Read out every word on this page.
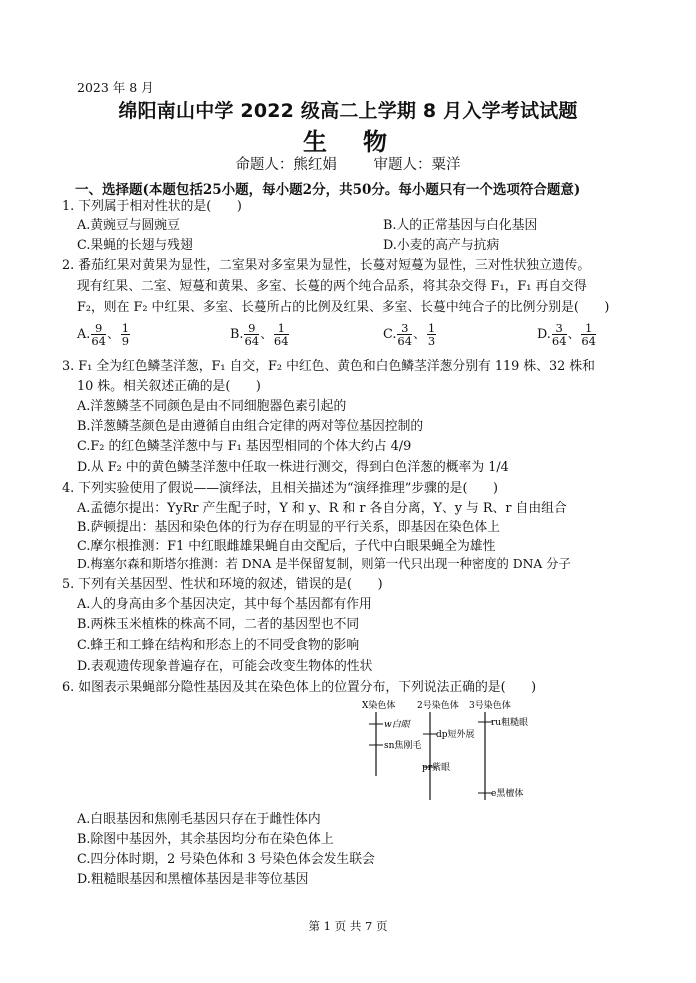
2023 年 8 月
绵阳南山中学 2022 级高二上学期 8 月入学考试试题
生　物
命题人：熊红娟	审题人：粟洋
一、选择题(本题包括25小题，每小题2分，共50分。每小题只有一个选项符合题意)
1. 下列属于相对性状的是(　　)
A.黄豌豆与圆豌豆	B.人的正常基因与白化基因
C.果蝇的长翅与残翅	D.小麦的高产与抗病
2. 番茄红果对黄果为显性，二室果对多室果为显性，长蔓对短蔓为显性，三对性状独立遗传。
现有红果、二室、短蔓和黄果、多室、长蔓的两个纯合品系，将其杂交得 F₁，F₁ 再自交得
F₂，则在 F₂ 中红果、多室、长蔓所占的比例及红果、多室、长蔓中纯合子的比例分别是(　　)
A. $\frac{9}{64}$ 、 $\frac{1}{9}$	B. $\frac{9}{64}$ 、 $\frac{1}{64}$	C. $\frac{3}{64}$ 、 $\frac{1}{3}$	D. $\frac{3}{64}$ 、 $\frac{1}{64}$
3. F₁ 全为红色鳞茎洋葱，F₁ 自交，F₂ 中红色、黄色和白色鳞茎洋葱分别有 119 株、32 株和
10 株。相关叙述正确的是(　　)
A.洋葱鳞茎不同颜色是由不同细胞器色素引起的
B.洋葱鳞茎颜色是由遵循自由组合定律的两对等位基因控制的
C.F₂ 的红色鳞茎洋葱中与 F₁ 基因型相同的个体大约占 4/9
D.从 F₂ 中的黄色鳞茎洋葱中任取一株进行测交，得到白色洋葱的概率为 1/4
4. 下列实验使用了假说——演绎法，且相关描述为“演绎推理”步骤的是(　　)
A.孟德尔提出：YyRr 产生配子时，Y 和 y、R 和 r 各自分离，Y、y 与 R、r 自由组合
B.萨顿提出：基因和染色体的行为存在明显的平行关系，即基因在染色体上
C.摩尔根推测：F1 中红眼雌雄果蝇自由交配后，子代中白眼果蝇全为雄性
D.梅塞尔森和斯塔尔推测：若 DNA 是半保留复制，则第一代只出现一种密度的 DNA 分子
5. 下列有关基因型、性状和环境的叙述，错误的是(　　)
A.人的身高由多个基因决定，其中每个基因都有作用
B.两株玉米植株的株高不同，二者的基因型也不同
C.蜂王和工蜂在结构和形态上的不同受食物的影响
D.表观遗传现象普遍存在，可能会改变生物体的性状
6. 如图表示果蝇部分隐性基因及其在染色体上的位置分布，下列说法正确的是(　　)
X染色体 2号染色体 3号染色体
w白眼
sn焦刚毛
dp短外展
pr紫眼
ru粗糙眼
e黑檀体
A.白眼基因和焦刚毛基因只存在于雌性体内
B.除图中基因外，其余基因均分布在染色体上
C.四分体时期，2 号染色体和 3 号染色体会发生联会
D.粗糙眼基因和黑檀体基因是非等位基因
第 1 页 共 7 页
